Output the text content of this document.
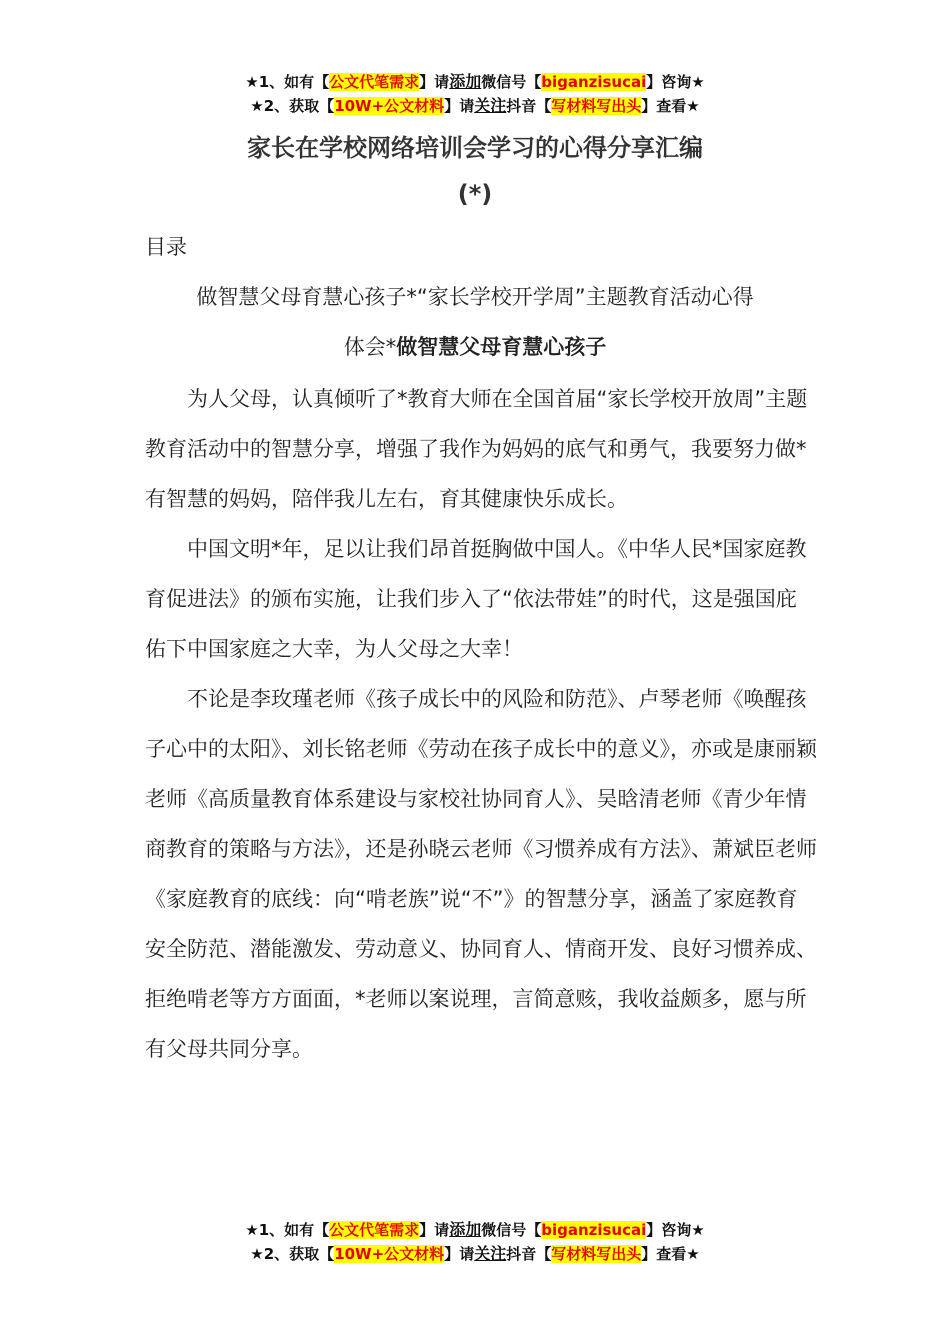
★1、如有【公文代笔需求】请添加微信号【biganzisucai】咨询★
★2、获取【10W+公文材料】请关注抖音【写材料写出头】查看★
家长在学校网络培训会学习的心得分享汇编
(*)
目录
做智慧父母育慧心孩子*“家长学校开学周”主题教育活动心得
体会*做智慧父母育慧心孩子

为人父母，认真倾听了*教育大师在全国首届“家长学校开放周”主题教育活动中的智慧分享，增强了我作为妈妈的底气和勇气，我要努力做*有智慧的妈妈，陪伴我儿左右，育其健康快乐成长。

中国文明*年，足以让我们昂首挺胸做中国人。《中华人民*国家庭教育促进法》的颁布实施，让我们步入了“依法带娃”的时代，这是强国庇佑下中国家庭之大幸，为人父母之大幸！

不论是李玫瑾老师《孩子成长中的风险和防范》、卢琴老师《唤醒孩子心中的太阳》、刘长铭老师《劳动在孩子成长中的意义》，亦或是康丽颖老师《高质量教育体系建设与家校社协同育人》、吴晗清老师《青少年情商教育的策略与方法》，还是孙晓云老师《习惯养成有方法》、萧斌臣老师《家庭教育的底线：向“啃老族”说“不”》的智慧分享，涵盖了家庭教育安全防范、潜能激发、劳动意义、协同育人、情商开发、良好习惯养成、拒绝啃老等方方面面，*老师以案说理，言简意赅，我收益颇多，愿与所有父母共同分享。

★1、如有【公文代笔需求】请添加微信号【biganzisucai】咨询★
★2、获取【10W+公文材料】请关注抖音【写材料写出头】查看★
